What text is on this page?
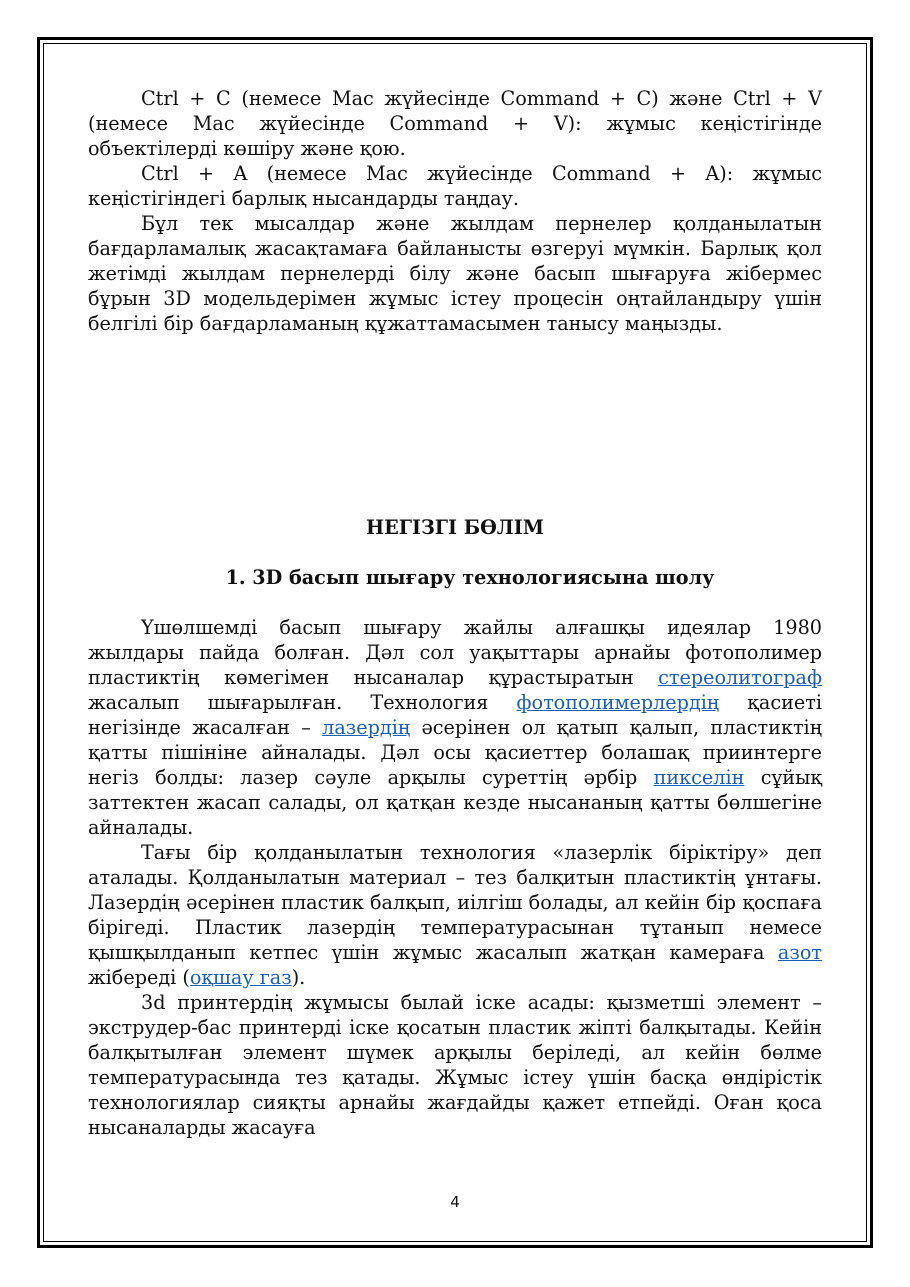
Ctrl + C (немесе Mac жүйесінде Command + C) және Ctrl + V (немесе Mac жүйесінде Command + V): жұмыс кеңістігінде объектілерді көшіру және қою.

Ctrl + A (немесе Mac жүйесінде Command + A): жұмыс кеңістігіндегі барлық нысандарды таңдау.

Бұл тек мысалдар және жылдам пернелер қолданылатын бағдарламалық жасақтамаға байланысты өзгеруі мүмкін. Барлық қол жетімді жылдам пернелерді білу және басып шығаруға жібермес бұрын 3D модельдерімен жұмыс істеу процесін оңтайландыру үшін белгілі бір бағдарламаның құжаттамасымен танысу маңызды.

НЕГІЗГІ БӨЛІМ

1. 3D басып шығару технологиясына шолу

Үшөлшемді басып шығару жайлы алғашқы идеялар 1980 жылдары пайда болған. Дәл сол уақыттары арнайы фотополимер пластиктің көмегімен нысаналар құрастыратын стереолитограф жасалып шығарылған. Технология фотополимерлердің қасиеті негізінде жасалған – лазердің әсерінен ол қатып қалып, пластиктің қатты пішініне айналады. Дәл осы қасиеттер болашақ приинтерге негіз болды: лазер сәуле арқылы суреттің әрбір пикселін сұйық заттектен жасап салады, ол қатқан кезде нысананың қатты бөлшегіне айналады.

Тағы бір қолданылатын технология «лазерлік біріктіру» деп аталады. Қолданылатын материал – тез балқитын пластиктің ұнтағы. Лазердің әсерінен пластик балқып, иілгіш болады, ал кейін бір қоспаға бірігеді. Пластик лазердің температурасынан тұтанып немесе қышқылданып кетпес үшін жұмыс жасалып жатқан камераға азот жібереді (оқшау газ).

3d принтердің жұмысы былай іске асады: қызметші элемент – экструдер-бас принтерді іске қосатын пластик жіпті балқытады. Кейін балқытылған элемент шүмек арқылы беріледі, ал кейін бөлме температурасында тез қатады. Жұмыс істеу үшін басқа өндірістік технологиялар сияқты арнайы жағдайды қажет етпейді. Оған қоса нысаналарды жасауға

4
